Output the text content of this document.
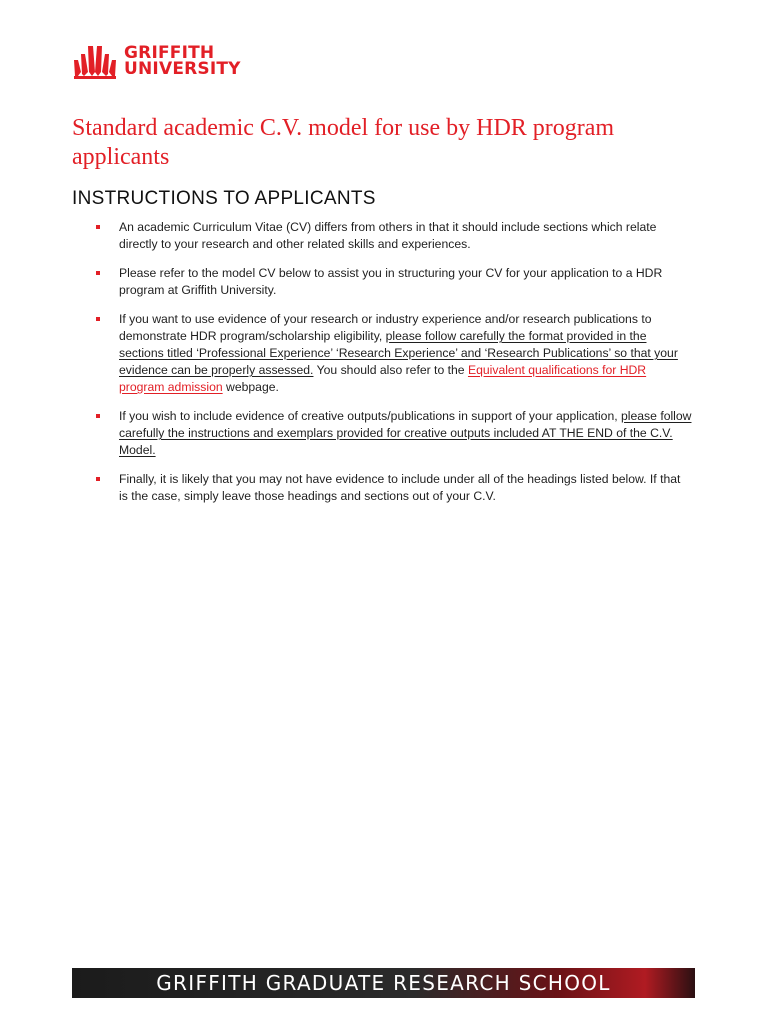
GRIFFITH
UNIVERSITY
Standard academic C.V. model for use by HDR program applicants
INSTRUCTIONS TO APPLICANTS
An academic Curriculum Vitae (CV) differs from others in that it should include sections which relate directly to your research and other related skills and experiences.
Please refer to the model CV below to assist you in structuring your CV for your application to a HDR program at Griffith University.
If you want to use evidence of your research or industry experience and/or research publications to demonstrate HDR program/scholarship eligibility, please follow carefully the format provided in the sections titled ‘Professional Experience’ ‘Research Experience’ and ‘Research Publications’ so that your evidence can be properly assessed. You should also refer to the Equivalent qualifications for HDR program admission webpage.
If you wish to include evidence of creative outputs/publications in support of your application, please follow carefully the instructions and exemplars provided for creative outputs included AT THE END of the C.V. Model.
Finally, it is likely that you may not have evidence to include under all of the headings listed below. If that is the case, simply leave those headings and sections out of your C.V.
GRIFFITH GRADUATE RESEARCH SCHOOL
